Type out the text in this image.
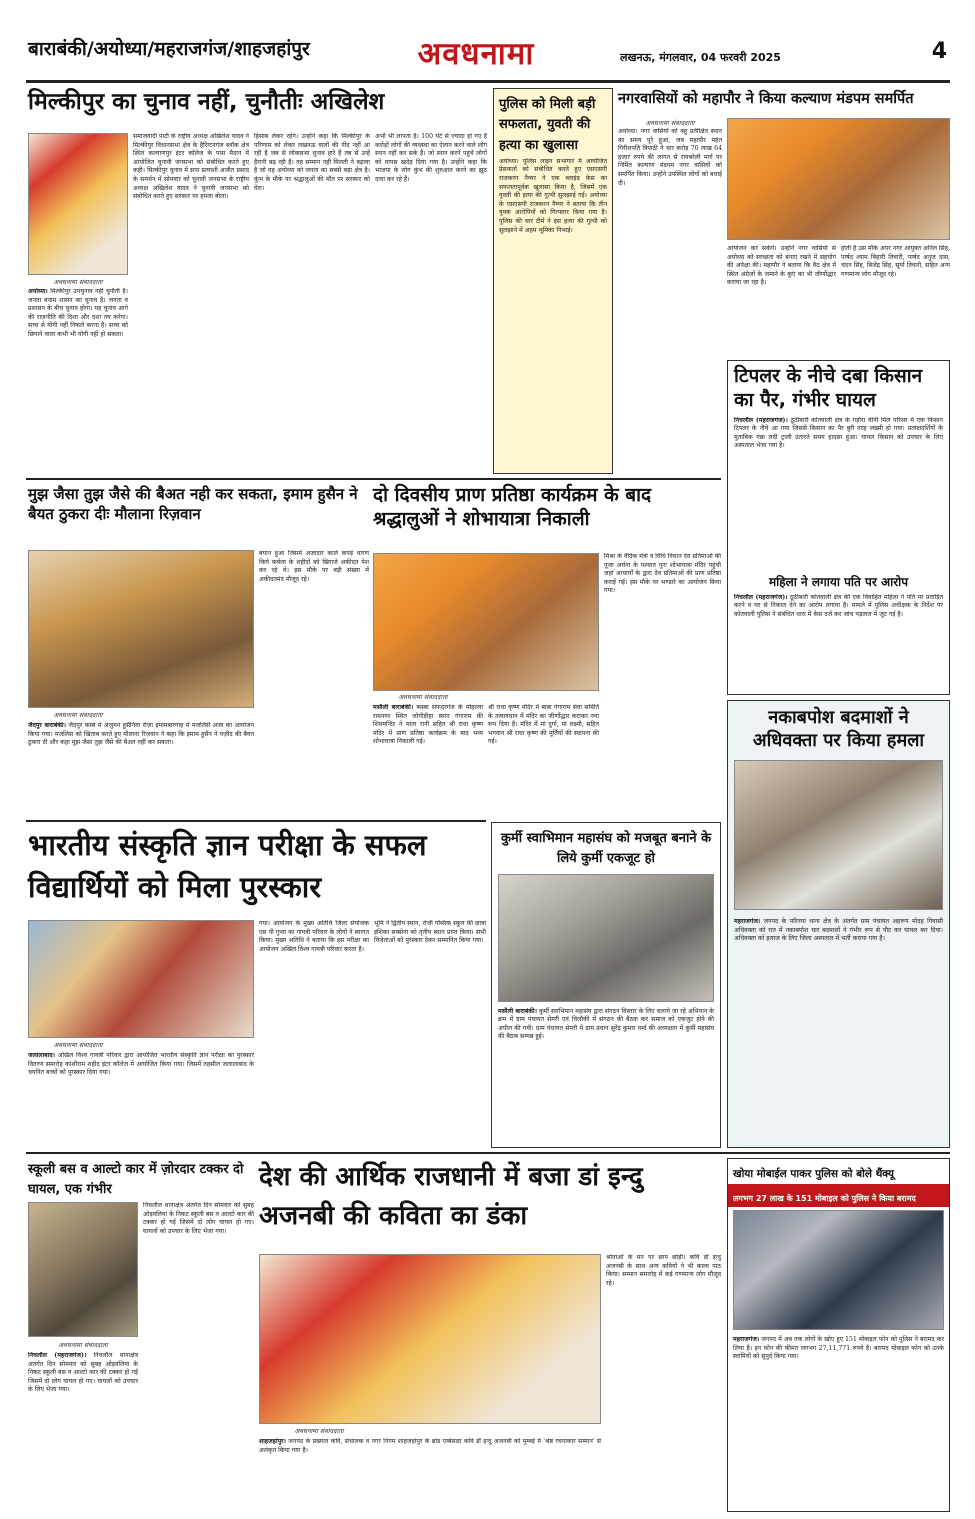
बाराबंकी/अयोध्या/महराजगंज/शाहजहांपुर	अवधनामा	लखनऊ, मंगलवार, 04 फरवरी 2025	4
मिल्कीपुर का चुनाव नहीं, चुनौतीः अखिलेश
अवधनामा संवाददाता
अयोध्या। मिल्कीपुर उपचुनाव नहीं चुनौती है। जनता बनाम शासन का चुनाव है। जनता व प्रशासन के बीच चुनाव होगा। यह चुनाव आगे की राजनीति की दिशा और दशा तय करेगा। सच्च से योगी नहीं निकले करना है। सच्च को छिपाने वाला कभी भी योगी नहीं हो सकता।
समाजवादी पार्टी के राष्ट्रीय अध्यक्ष अखिलेश यादव ने मिल्कीपुर विधानसभा क्षेत्र के हैरिंग्टनगंज ब्लॉक क्षेत्र स्थित कल्याणपुर इंटर कॉलेज के पास मैदान में आयोजित चुनावी जनसभा को संबोधित करते हुए कही। मिल्कीपुर चुनाव में सपा प्रत्याशी अजीत प्रसाद के समर्थन में सोमवार को चुनावी जनसभा के राष्ट्रीय अध्यक्ष अखिलेश यादव ने चुनावी जनसभा को संबोधित करते हुए सरकार पर हमला बोला।
हिसाब लेकर रहेंगे। उन्होंने कहा कि मिल्कीपुर के परिणाम को लेकर लखनऊ वालों की नींद नहीं आ रही है जब से लोकसभा चुनाव हारे हैं तब से उन्हें हैरानी बढ़ रही है। वह सम्मान नहीं मिलती ने बढ़ावा है जो वह अयोध्या को जनता का सबसे बड़ा क्षेत्र है। कुंभ के मौके पर श्रद्धालुओं की मौत पर सरकार को घेरा।
अभी भी लापता है। 100 घंटे से ज्यादा हो गए हैं करोड़ों लोगों की व्यवस्था का ऐलान करने वाले लोग स्नान नहीं कर सके हैं। जो स्नान करने पहुंचे लोगों को वापस खदेड़ दिया गया है। उन्होंने कहा कि भाजपा के लोग कुंभ की शुरुआत करने का झूठ दावा कर रहे हैं।
पुलिस को मिली बड़ी सफलता, युवती की हत्या का खुलासा
अयोध्या। पुलिस लाइन सभागार में आयोजित प्रेसवार्ता को संबोधित करते हुए एसएसपी राजकरन नैय्यर ने एक ब्लाइंड केस का सफलतापूर्वक खुलासा किया है, जिसमें एक युवती की हत्या की गुत्थी सुलझाई गई। अयोध्या के एसएसपी राजकरन नैय्यर ने बताया कि तीन युवक आरोपियों को गिरफ्तार किया गया है। पुलिस की चार टीमें ने इस हत्या की गुत्थी को सुलझाने में अहम भूमिका निभाई।
नगरवासियों को महापौर ने किया कल्याण मंडपम समर्पित
अयोध्या। नगर वासियों को बहु प्रतीक्षित स्थान का समय पूरे हुआ, जब महापौर महंत गिरीशपति त्रिपाठी ने चार करोड़ 70 लाख 64 हजार रुपये की लागत से रायबरेली मार्ग पर निर्मित कल्याण मंडपम नगर वासियों को समर्पित किया। उन्होंने उपस्थित लोगों को बधाई दी।
अवधनामा संवाददाता
आयोजन कर सकेंगे। उन्होंने नगर वासियों से अयोध्या को स्वच्छता को बनाए रखने में सहयोग की अपेक्षा की। महापौर ने बताया कि वैठ क्षेत्र में स्थित अंग्रेजों के जमाने के कुएं का भी जीर्णोद्धार कराया जा रहा है।
होती है उस मौके अपर नगर आयुक्त अनिल सिंह, पार्षद श्याम बिहारी तिवारी, पार्षद अनुज दास, चंदन सिंह, बिजेंद्र सिंह, सूर्या तिवारी, सहित अन्य गणमान्य लोग मौजूद रहे।
टिपलर के नीचे दबा किसान का पैर, गंभीर घायल
निचलौल (महराजगंज)। ठूठीबारी कोतवाली क्षेत्र के गड़ौरा चीनी मिल परिसर में एक किसान टिपलर के नीचे आ गया जिससे किसान का पैर बुरी तरह जख्मी हो गया। प्रत्यक्षदर्शियों के मुताबिक गन्ना लदी ट्राली उतारते समय हादसा हुआ। घायल किसान को उपचार के लिए अस्पताल भेजा गया है।
महिला ने लगाया पति पर आरोप
निचलौल (महराजगंज)। ठूठीबारी कोतवाली क्षेत्र की एक विवाहित महिला ने पति पर प्रताड़ित करने व घर से निकाल देने का आरोप लगाया है। मामले में पुलिस अधीक्षक के निर्देश पर कोतवाली पुलिस ने संबंधित धारा में केस दर्ज कर जांच पड़ताल में जुट गई है।
मुझ जैसा तुझ जैसे की बैअत नही कर सकता, इमाम हुसैन ने बैयत ठुकरा दीः मौलाना रिज़वान
अवधनामा संवाददाता
जैदपुर बाराबंकी। जैदपुर कस्बे में अंजुमन हुसैनिया रोज़ा इमामबारगाह में मजलिसे अजा का आयोजन किया गया। मजलिस को खिताब करते हुए मौलाना रिज़वान ने कहा कि इमाम हुसैन ने यज़ीद की बैयत ठुकरा दी और कहा मुझ जैसा तुझ जैसे की बैअत नहीं कर सकता।
बयान हुआ जिसमें अज़ादार काले कपड़े धारण किये कर्बला के शहीदों को खिराजे अकीदत पेश कर रहे थे। इस मौके पर बड़ी संख्या में अकीदतमंद मौजूद रहे।
दो दिवसीय प्राण प्रतिष्ठा कार्यक्रम के बाद श्रद्धालुओं ने शोभायात्रा निकाली
अवधनामा संवाददाता
मसौली बाराबंकी। कस्बा सफदरगंज के मोहल्ला रामनगर स्थित जोगीडीहा स्थान गंगाराम की शिवमन्दिर ने माता रानी सहित श्री राधा कृष्ण मंदिर में प्राण प्रतिष्ठा कार्यक्रम के बाद भव्य शोभायात्रा निकाली गई।
श्री राधा कृष्ण मंदिर में बाबा गंगाराम सेवा समिति के तत्वावधान में मंदिर का जीर्णोद्धार कराकर नया रूप दिया है। मंदिर में मां दुर्गा, मां लक्ष्मी, सहित भगवान श्री राधा कृष्ण की मूर्तियों की स्थापना की गई।
मिश्रा के वैदिक मंत्रो व विधि विधान देव प्रतिमाओं की पूजा अर्चना के पश्चात पुनः शोभायात्रा मंदिर पहुंची जहां आचार्यों के द्वारा देव प्रतिमाओं की प्राण प्रतिष्ठा कराई गई। इस मौके पर भण्डारे का आयोजन किया गया।
भारतीय संस्कृति ज्ञान परीक्षा के सफल विद्यार्थियों को मिला पुरस्कार
अवधनामा संवाददाता
जलालाबाद। अखिल विश्व गायत्री परिवार द्वारा आयोजित भारतीय संस्कृति ज्ञान परीक्षा का पुरस्कार वितरण समारोह कांशीराम शहीद इंटर कॉलेज में आयोजित किया गया। जिसमें तहसील जलालाबाद के चयनित बच्चों को पुरस्कार दिया गया।
गया। आयोजन के मुख्य अतिथि जिला संयोजक एस पी गुप्ता का गायत्री परिवार के लोगों ने स्वागत किया। मुख्य अतिथि ने बताया कि इस परीक्षा का आयोजन अखिल विश्व गायत्री परिवार करता है।
भूमि ने द्वितीय स्थान, रोजी पब्लिक स्कूल की छात्रा इशिका सक्सेना को तृतीय स्थान प्राप्त किया। सभी विजेताओं को पुरस्कार देकर सम्मानित किया गया।
कुर्मी स्वाभिमान महासंघ को मजबूत बनाने के लिये कुर्मी एकजूट हो
मसौली बाराबंकी। कुर्मी स्वाभिमान महासंघ द्वारा संगठन विस्तार के लिए चलाये जा रहे अभियान के क्रम में ग्राम पंचायत सेमरी एवं चिलौकी में संगठन की बैठक कर समाज को एकजुट होने की अपील की गयी। ग्राम पंचायत सेमरी में ग्राम प्रधान सुरेंद्र कुमार वर्मा की अध्यक्षता में कुर्मी महासंघ की बैठक सम्पन्न हुई।
नकाबपोश बदमाशों ने अधिवक्ता पर किया हमला
महराजगंज। जनपद के परिनया थाना क्षेत्र के अंतर्गत ग्राम पंचायत अहरूप मोदह निवासी अधिवक्ता को रात में नकाबपोश चार बदमाशों ने गंभीर रूप से पीट कर घायल कर दिया। अधिवक्ता को इलाज के लिए जिला अस्पताल में भर्ती कराया गया है।
स्कूली बस व आल्टो कार में ज़ोरदार टक्कर दो घायल, एक गंभीर
अवधनामा संवाददाता
निचलौल (महराजगंज)। निचलौल थानाक्षेत्र अंतर्गत दिन सोमवार को सुबह ओड़वलिया के निकट स्कूली बस व आल्टो कार की टक्कर हो गई जिसमें दो लोग घायल हो गए। घायलों को उपचार के लिए भेजा गया।
निचलौल थानाक्षेत्र अंतर्गत दिन सोमवार को सुबह ओड़वलिया के निकट स्कूली बस व आल्टो कार की टक्कर हो गई जिसमें दो लोग घायल हो गए। घायलों को उपचार के लिए भेजा गया।
देश की आर्थिक राजधानी में बजा डां इन्दु अजनबी की कविता का डंका
अवधनामा संवाददाता
शाहजहांपुर। जनपद के प्रख्यात कवि, संचालक व नगर निगम शाहजहांपुर के ब्रांड एम्बेसडर कवि डॉ इन्दु अजनबी को मुम्बई में 'श्रेष्ठ रचनाकार सम्मान' से अलंकृत किया गया है।
श्रोताओं के मन पर छाप छोड़ी। कवि डॉ इन्दु अजनबी के साथ अन्य कवियों ने भी काव्य पाठ किया। सम्मान समारोह में कई गणमान्य लोग मौजूद रहे।
खोया मोबाईल पाकर पुलिस को बोले थैंक्यू
लगभग 27 लाख के 151 मोबाइल को पुलिस ने किया बरामद
महराजगंज। जनपद में अब तक लोगों के खोए हुए 151 मोबाइल फोन को पुलिस ने बरामद कर लिया है। इन फोन की कीमत लगभग 27,11,771 रुपये है। बरामद मोबाइल फोन को उनके स्वामियों को सुपुर्द किया गया।
